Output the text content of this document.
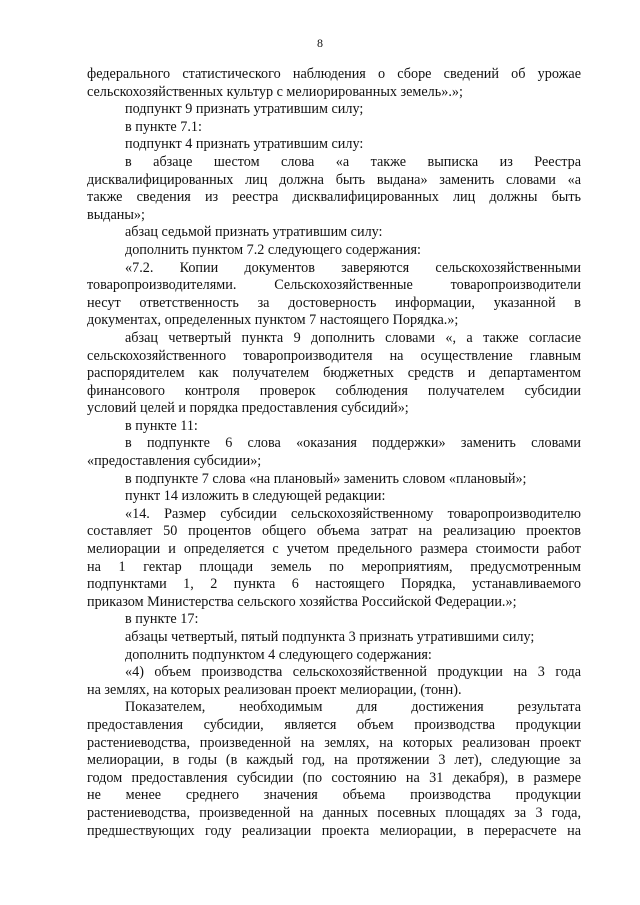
8
федерального статистического наблюдения о сборе сведений об урожае
сельскохозяйственных культур с мелиорированных земель».»;
подпункт 9 признать утратившим силу;
в пункте 7.1:
подпункт 4 признать утратившим силу:
в абзаце шестом слова «а также выписка из Реестра
дисквалифицированных лиц должна быть выдана» заменить словами «а
также сведения из реестра дисквалифицированных лиц должны быть
выданы»;
абзац седьмой признать утратившим силу:
дополнить пунктом 7.2 следующего содержания:
«7.2. Копии документов заверяются сельскохозяйственными
товаропроизводителями. Сельскохозяйственные товаропроизводители
несут ответственность за достоверность информации, указанной в
документах, определенных пунктом 7 настоящего Порядка.»;
абзац четвертый пункта 9 дополнить словами «, а также согласие
сельскохозяйственного товаропроизводителя на осуществление главным
распорядителем как получателем бюджетных средств и департаментом
финансового контроля проверок соблюдения получателем субсидии
условий целей и порядка предоставления субсидий»;
в пункте 11:
в подпункте 6 слова «оказания поддержки» заменить словами
«предоставления субсидии»;
в подпункте 7 слова «на плановый» заменить словом «плановый»;
пункт 14 изложить в следующей редакции:
«14. Размер субсидии сельскохозяйственному товаропроизводителю
составляет 50 процентов общего объема затрат на реализацию проектов
мелиорации и определяется с учетом предельного размера стоимости работ
на 1 гектар площади земель по мероприятиям, предусмотренным
подпунктами 1, 2 пункта 6 настоящего Порядка, устанавливаемого
приказом Министерства сельского хозяйства Российской Федерации.»;
в пункте 17:
абзацы четвертый, пятый подпункта 3 признать утратившими силу;
дополнить подпунктом 4 следующего содержания:
«4) объем производства сельскохозяйственной продукции на 3 года
на землях, на которых реализован проект мелиорации, (тонн).
Показателем, необходимым для достижения результата
предоставления субсидии, является объем производства продукции
растениеводства, произведенной на землях, на которых реализован проект
мелиорации, в годы (в каждый год, на протяжении 3 лет), следующие за
годом предоставления субсидии (по состоянию на 31 декабря), в размере
не менее среднего значения объема производства продукции
растениеводства, произведенной на данных посевных площадях за 3 года,
предшествующих году реализации проекта мелиорации, в перерасчете на
